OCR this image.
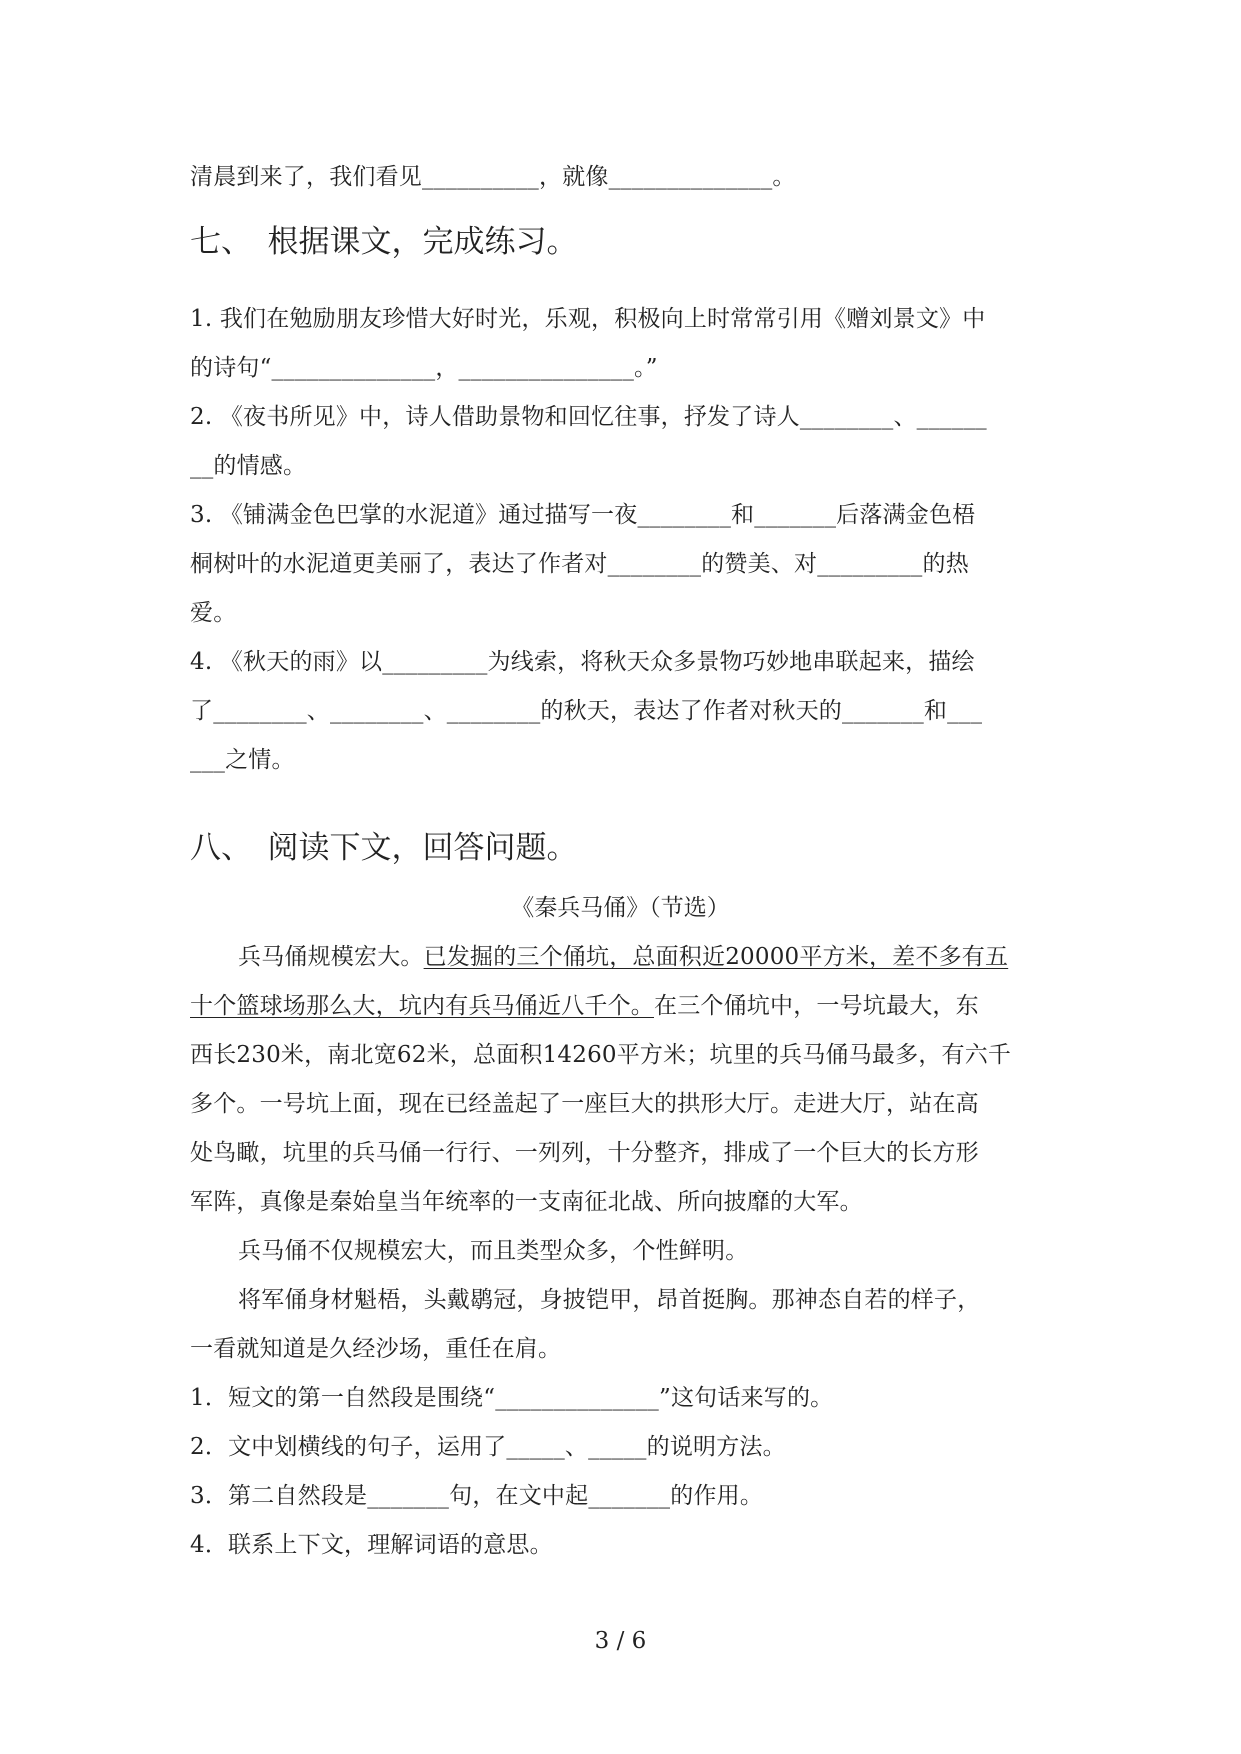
清晨到来了，我们看见__________，就像______________。
七、　根据课文，完成练习。
1. 我们在勉励朋友珍惜大好时光，乐观，积极向上时常常引用《赠刘景文》中
的诗句“______________，_______________。”
2. 《夜书所见》中，诗人借助景物和回忆往事，抒发了诗人________、______
__的情感。
3. 《铺满金色巴掌的水泥道》通过描写一夜________和_______后落满金色梧
桐树叶的水泥道更美丽了，表达了作者对________的赞美、对_________的热
爱。
4. 《秋天的雨》以_________为线索，将秋天众多景物巧妙地串联起来，描绘
了________、________、________的秋天，表达了作者对秋天的_______和___
___之情。
八、　阅读下文，回答问题。
《秦兵马俑》（节选）
兵马俑规模宏大。已发掘的三个俑坑，总面积近20000平方米，差不多有五
十个篮球场那么大，坑内有兵马俑近八千个。在三个俑坑中，一号坑最大，东
西长230米，南北宽62米，总面积14260平方米；坑里的兵马俑马最多，有六千
多个。一号坑上面，现在已经盖起了一座巨大的拱形大厅。走进大厅，站在高
处鸟瞰，坑里的兵马俑一行行、一列列，十分整齐，排成了一个巨大的长方形
军阵，真像是秦始皇当年统率的一支南征北战、所向披靡的大军。
兵马俑不仅规模宏大，而且类型众多，个性鲜明。
将军俑身材魁梧，头戴鹖冠，身披铠甲，昂首挺胸。那神态自若的样子，
一看就知道是久经沙场，重任在肩。
1．短文的第一自然段是围绕“______________”这句话来写的。
2．文中划横线的句子，运用了_____、_____的说明方法。
3．第二自然段是_______句，在文中起_______的作用。
4．联系上下文，理解词语的意思。
3 / 6
